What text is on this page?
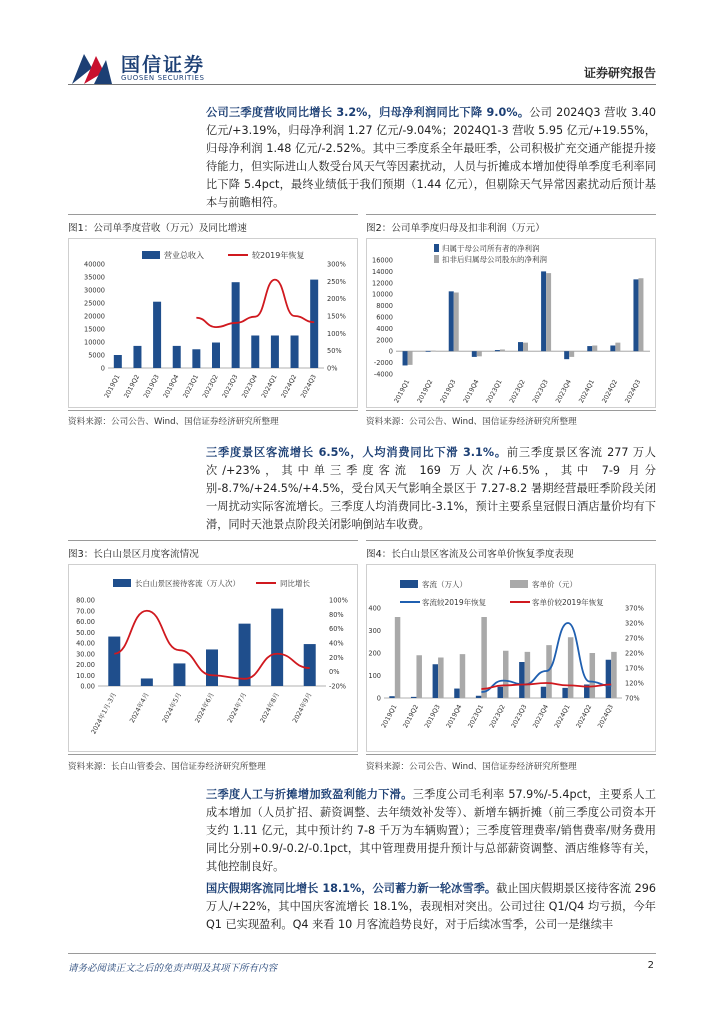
国信证券
GUOSEN SECURITIES	证券研究报告

公司三季度营收同比增长 3.2%，归母净利润同比下降 9.0%。公司 2024Q3 营收 3.40 亿元/+3.19%，归母净利润 1.27 亿元/-9.04%；2024Q1-3 营收 5.95 亿元/+19.55%，归母净利润 1.48 亿元/-2.52%。其中三季度系全年最旺季，公司积极扩充交通产能提升接待能力，但实际进山人数受台风天气等因素扰动，人员与折摊成本增加使得单季度毛利率同比下降 5.4pct，最终业绩低于我们预期（1.44 亿元），但剔除天气异常因素扰动后预计基本与前瞻相符。

图1：公司单季度营收（万元）及同比增速	图2：公司单季度归母及扣非利润（万元）
营业总收入	较2019年恢复
0
5000
10000
15000
20000
25000
30000
35000
40000
0%
50%
100%
150%
200%
250%
300%
2019Q1 2019Q2 2019Q3 2019Q4 2023Q1 2023Q2 2023Q3 2023Q4 2024Q1 2024Q2 2024Q3
归属于母公司所有者的净利润
扣非后归属母公司股东的净利润
-4000
-2000
0
2000
4000
6000
8000
10000
12000
14000
16000
2019Q1 2019Q2 2019Q3 2019Q4 2023Q1 2023Q2 2023Q3 2023Q4 2024Q1 2024Q2 2024Q3
资料来源：公司公告、Wind、国信证券经济研究所整理	资料来源：公司公告、Wind、国信证券经济研究所整理

三季度景区客流增长 6.5%，人均消费同比下滑 3.1%。前三季度景区客流 277 万人次/+23%，其中单三季度客流 169 万人次/+6.5%，其中 7-9 月分别-8.7%/+24.5%/+4.5%，受台风天气影响全景区于 7.27-8.2 暑期经营最旺季阶段关闭一周扰动实际客流增长。三季度人均消费同比-3.1%，预计主要系皇冠假日酒店量价均有下滑，同时天池景点阶段关闭影响倒站车收费。

图3：长白山景区月度客流情况	图4：长白山景区客流及公司客单价恢复季度表现
长白山景区接待客流（万人次）	同比增长
0.00
10.00
20.00
30.00
40.00
50.00
60.00
70.00
80.00
-20%
0%
20%
40%
60%
80%
100%
2024年1月-3月 2024年4月 2024年5月 2024年6月 2024年7月 2024年8月 2024年9月
客流（万人）	客单价（元）
客流较2019年恢复	客单价较2019年恢复
0
100
200
300
400
70%
120%
170%
220%
270%
320%
370%
2019Q1 2019Q2 2019Q3 2019Q4 2023Q1 2023Q2 2023Q3 2023Q4 2024Q1 2024Q2 2024Q3
资料来源：长白山管委会、国信证券经济研究所整理	资料来源：公司公告、Wind、国信证券经济研究所整理

三季度人工与折摊增加致盈利能力下滑。三季度公司毛利率 57.9%/-5.4pct，主要系人工成本增加（人员扩招、薪资调整、去年绩效补发等）、新增车辆折摊（前三季度公司资本开支约 1.11 亿元，其中预计约 7-8 千万为车辆购置）；三季度管理费率/销售费率/财务费用同比分别+0.9/-0.2/-0.1pct，其中管理费用提升预计与总部薪资调整、酒店维修等有关，其他控制良好。

国庆假期客流同比增长 18.1%，公司蓄力新一轮冰雪季。截止国庆假期景区接待客流 296 万人/+22%，其中国庆客流增长 18.1%，表现相对突出。公司过往 Q1/Q4 均亏损，今年 Q1 已实现盈利。Q4 来看 10 月客流趋势良好，对于后续冰雪季，公司一是继续丰

请务必阅读正文之后的免责声明及其项下所有内容	2
